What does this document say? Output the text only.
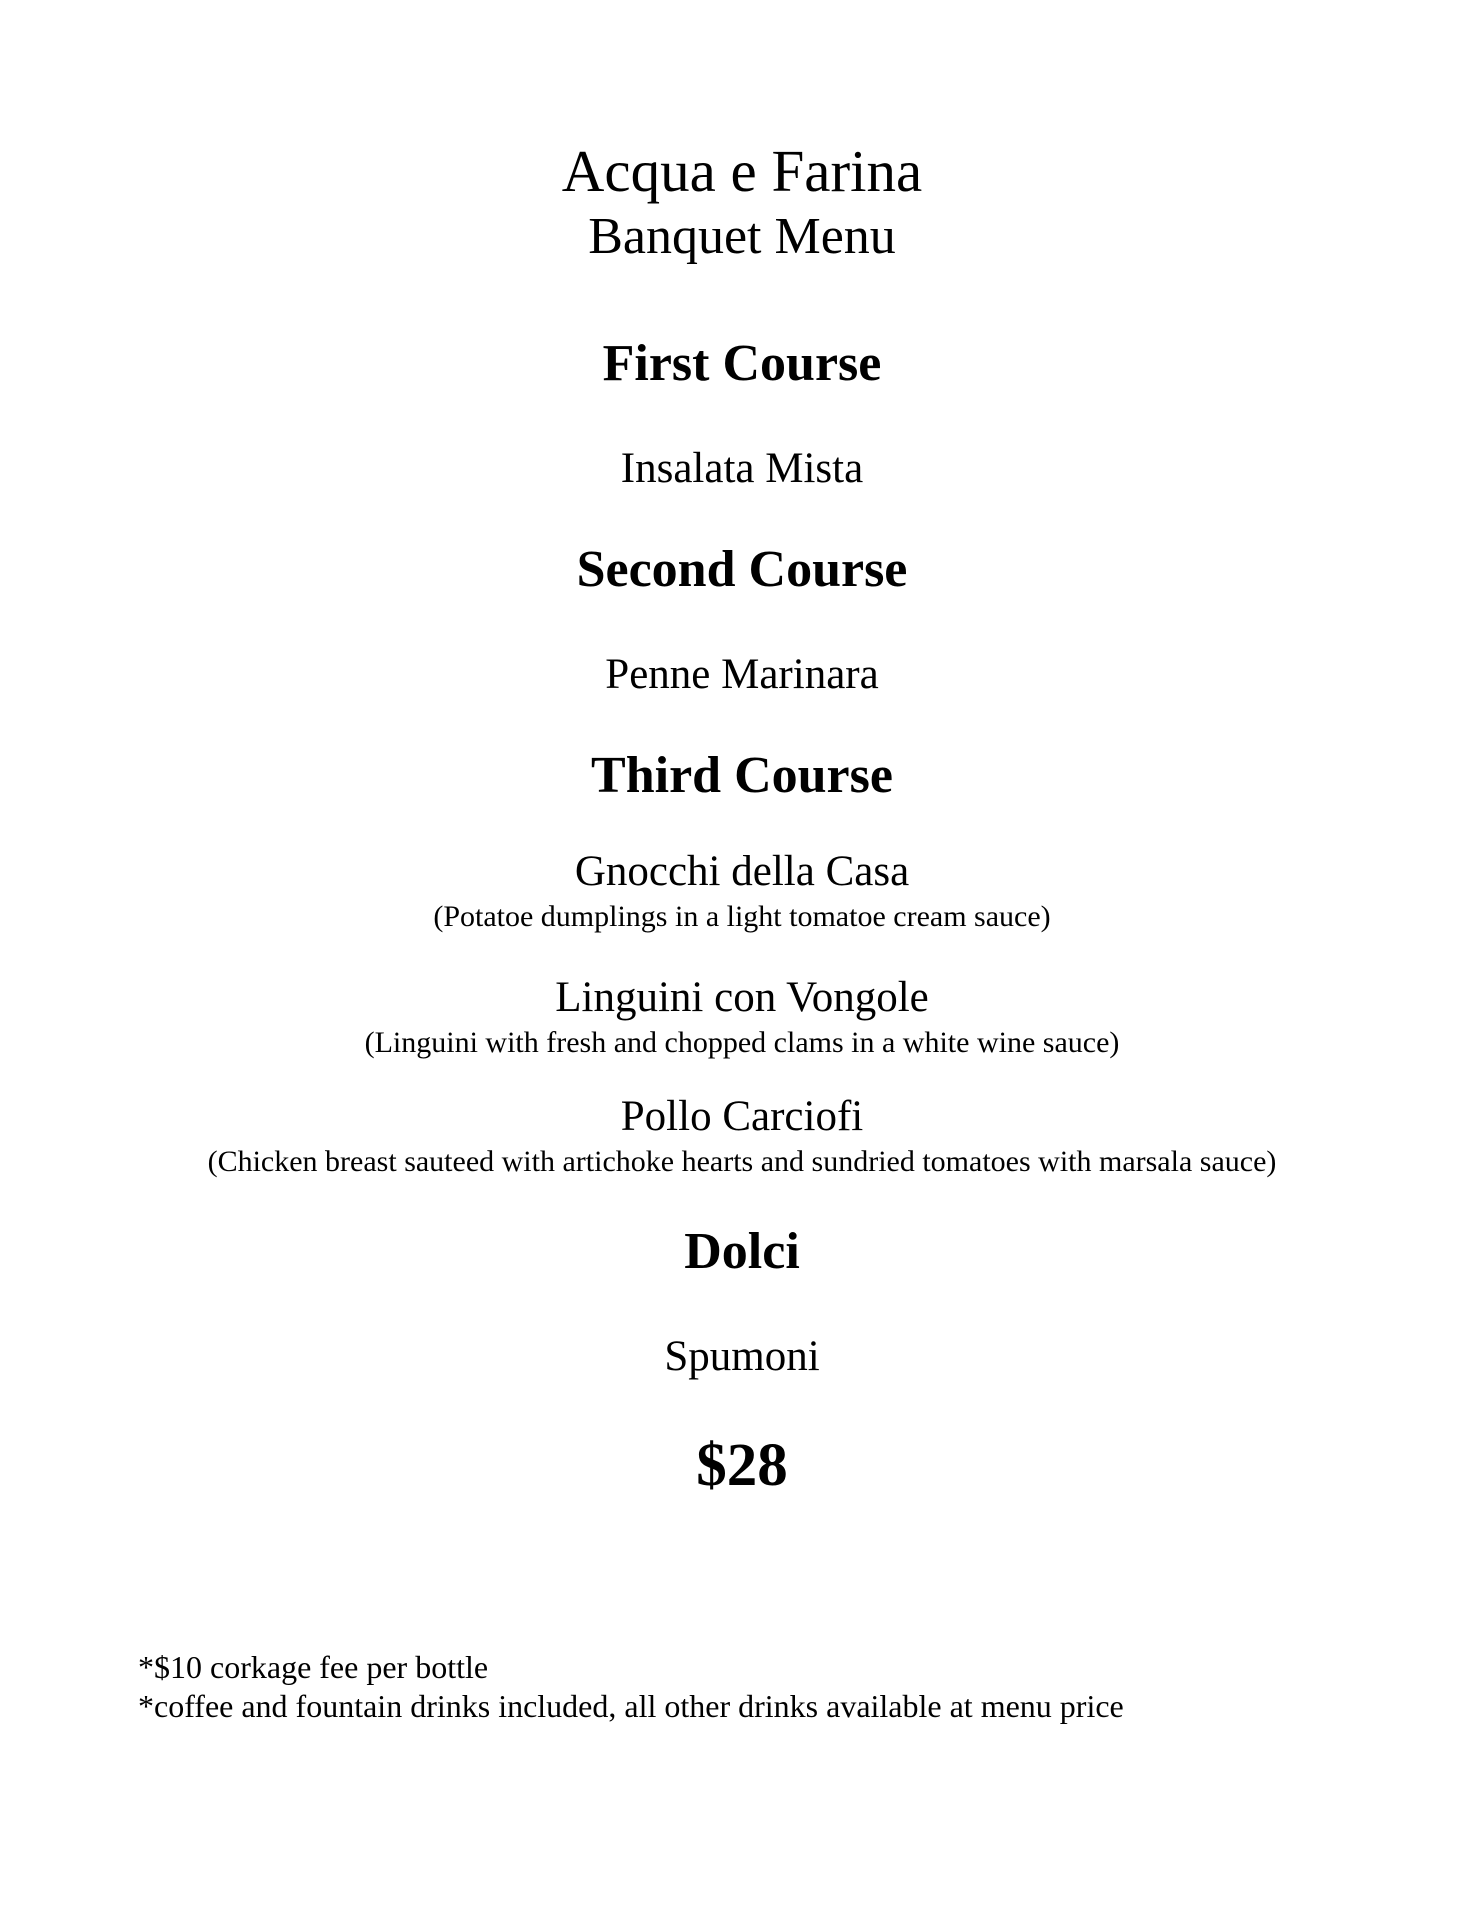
Acqua e Farina
Banquet Menu
First Course
Insalata Mista
Second Course
Penne Marinara
Third Course
Gnocchi della Casa
(Potatoe dumplings in a light tomatoe cream sauce)
Linguini con Vongole
(Linguini with fresh and chopped clams in a white wine sauce)
Pollo Carciofi
(Chicken breast sauteed with artichoke hearts and sundried tomatoes with marsala sauce)
Dolci
Spumoni
$28
*$10 corkage fee per bottle
*coffee and fountain drinks included, all other drinks available at menu price
